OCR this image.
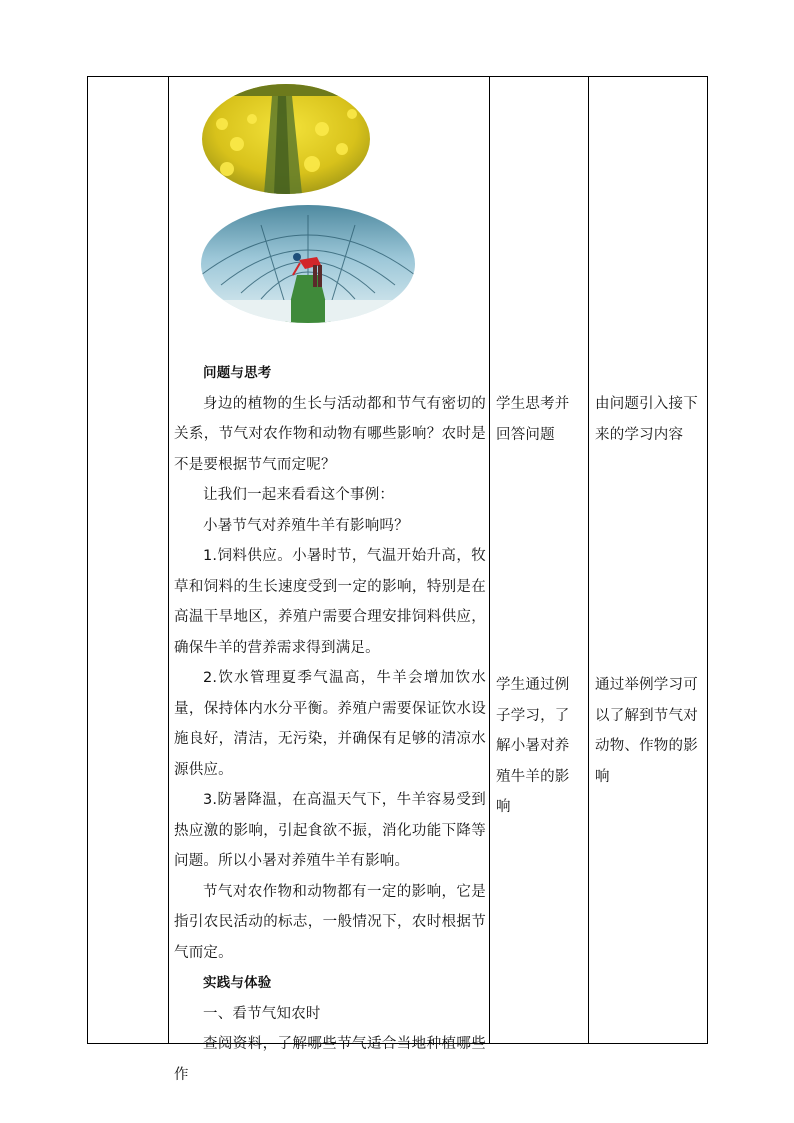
问题与思考

身边的植物的生长与活动都和节气有密切的关系，节气对农作物和动物有哪些影响？农时是不是要根据节气而定呢？

让我们一起来看看这个事例：

小暑节气对养殖牛羊有影响吗？

1.饲料供应。小暑时节，气温开始升高，牧草和饲料的生长速度受到一定的影响，特别是在高温干旱地区，养殖户需要合理安排饲料供应，确保牛羊的营养需求得到满足。

2.饮水管理夏季气温高，牛羊会增加饮水量，保持体内水分平衡。养殖户需要保证饮水设施良好，清洁，无污染，并确保有足够的清凉水源供应。

3.防暑降温，在高温天气下，牛羊容易受到热应激的影响，引起食欲不振，消化功能下降等问题。所以小暑对养殖牛羊有影响。

节气对农作物和动物都有一定的影响，它是指引农民活动的标志，一般情况下，农时根据节气而定。

实践与体验

一、看节气知农时

查阅资料，了解哪些节气适合当地种植哪些作

学生思考并回答问题
学生通过例子学习，了解小暑对养殖牛羊的影响
由问题引入接下来的学习内容
通过举例学习可以了解到节气对动物、作物的影响
